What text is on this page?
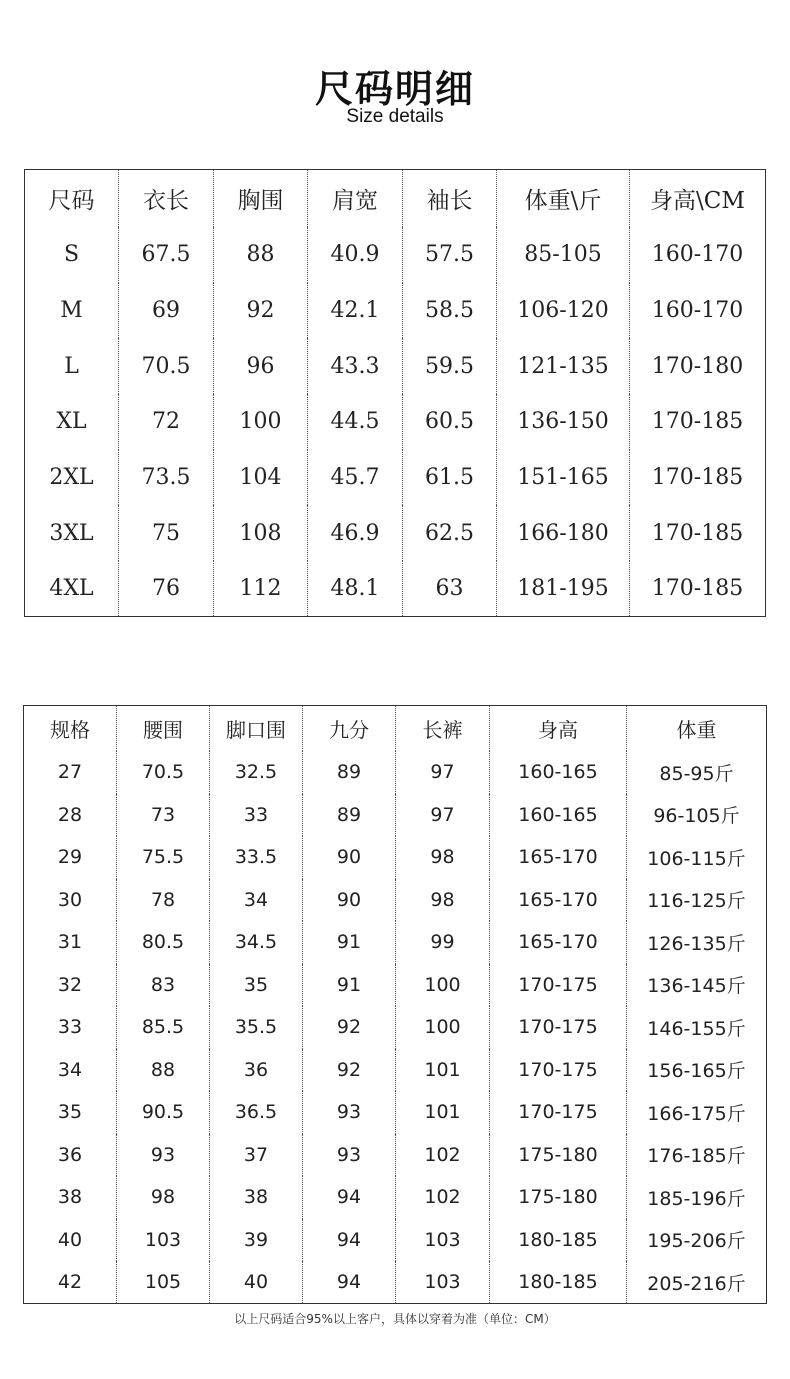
尺码明细
Size details
尺码	衣长	胸围	肩宽	袖长	体重\斤	身高\CM
S	67.5	88	40.9	57.5	85-105	160-170
M	69	92	42.1	58.5	106-120	160-170
L	70.5	96	43.3	59.5	121-135	170-180
XL	72	100	44.5	60.5	136-150	170-185
2XL	73.5	104	45.7	61.5	151-165	170-185
3XL	75	108	46.9	62.5	166-180	170-185
4XL	76	112	48.1	63	181-195	170-185
规格	腰围	脚口围	九分	长裤	身高	体重
27	70.5	32.5	89	97	160-165	85-95斤
28	73	33	89	97	160-165	96-105斤
29	75.5	33.5	90	98	165-170	106-115斤
30	78	34	90	98	165-170	116-125斤
31	80.5	34.5	91	99	165-170	126-135斤
32	83	35	91	100	170-175	136-145斤
33	85.5	35.5	92	100	170-175	146-155斤
34	88	36	92	101	170-175	156-165斤
35	90.5	36.5	93	101	170-175	166-175斤
36	93	37	93	102	175-180	176-185斤
38	98	38	94	102	175-180	185-196斤
40	103	39	94	103	180-185	195-206斤
42	105	40	94	103	180-185	205-216斤
以上尺码适合95%以上客户，具体以穿着为准（单位：CM）
